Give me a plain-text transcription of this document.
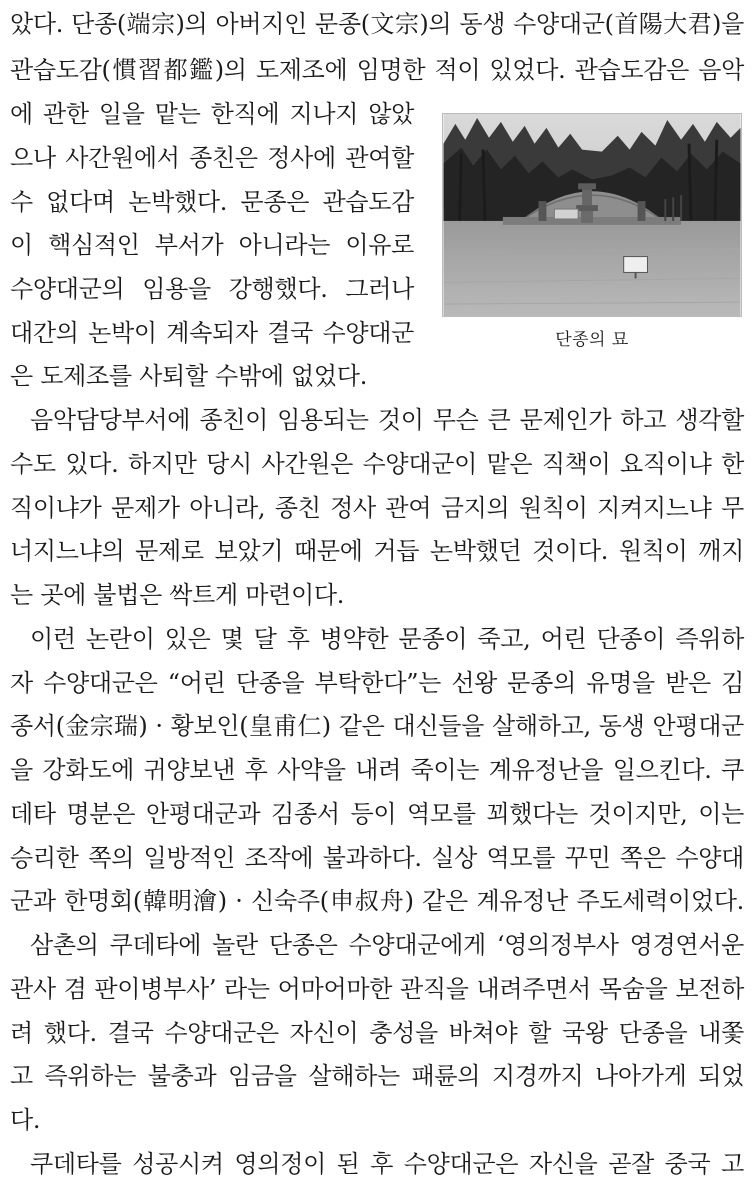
았다. 단종(端宗)의 아버지인 문종(文宗)의 동생 수양대군(首陽大君)을
관습도감(慣習都鑑)의 도제조에 임명한 적이 있었다. 관습도감은 음악
에 관한 일을 맡는 한직에 지나지 않았
으나 사간원에서 종친은 정사에 관여할
수 없다며 논박했다. 문종은 관습도감
이 핵심적인 부서가 아니라는 이유로
수양대군의 임용을 강행했다. 그러나
대간의 논박이 계속되자 결국 수양대군
은 도제조를 사퇴할 수밖에 없었다.
음악담당부서에 종친이 임용되는 것이 무슨 큰 문제인가 하고 생각할
수도 있다. 하지만 당시 사간원은 수양대군이 맡은 직책이 요직이냐 한
직이냐가 문제가 아니라, 종친 정사 관여 금지의 원칙이 지켜지느냐 무
너지느냐의 문제로 보았기 때문에 거듭 논박했던 것이다. 원칙이 깨지
는 곳에 불법은 싹트게 마련이다.
이런 논란이 있은 몇 달 후 병약한 문종이 죽고, 어린 단종이 즉위하
자 수양대군은 “어린 단종을 부탁한다”는 선왕 문종의 유명을 받은 김
종서(金宗瑞) · 황보인(皇甫仁) 같은 대신들을 살해하고, 동생 안평대군
을 강화도에 귀양보낸 후 사약을 내려 죽이는 계유정난을 일으킨다. 쿠
데타 명분은 안평대군과 김종서 등이 역모를 꾀했다는 것이지만, 이는
승리한 쪽의 일방적인 조작에 불과하다. 실상 역모를 꾸민 쪽은 수양대
군과 한명회(韓明澮) · 신숙주(申叔舟) 같은 계유정난 주도세력이었다.
삼촌의 쿠데타에 놀란 단종은 수양대군에게 ‘영의정부사 영경연서운
관사 겸 판이병부사’ 라는 어마어마한 관직을 내려주면서 목숨을 보전하
려 했다. 결국 수양대군은 자신이 충성을 바쳐야 할 국왕 단종을 내쫓
고 즉위하는 불충과 임금을 살해하는 패륜의 지경까지 나아가게 되었
다.
쿠데타를 성공시켜 영의정이 된 후 수양대군은 자신을 곧잘 중국 고
단종의 묘
